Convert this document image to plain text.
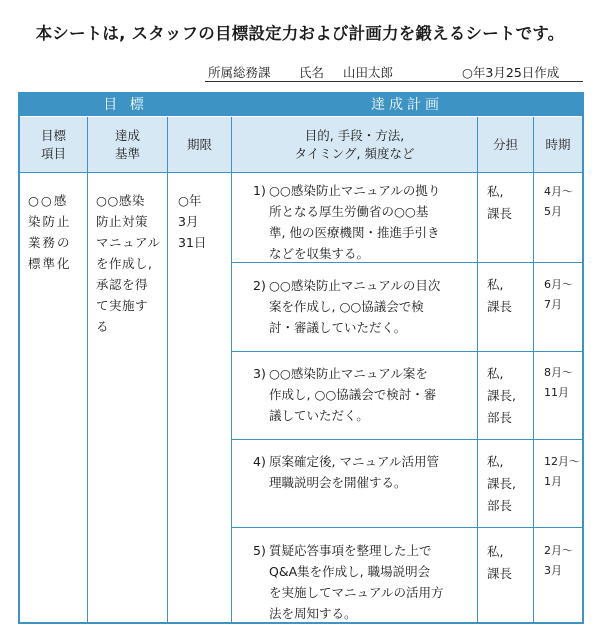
本シートは, スタッフの目標設定力および計画力を鍛えるシートです。
所属総務課 氏名 山田太郎	○年3月25日作成
目 標	達成計画
目標
項目
達成
基準
期限
目的, 手段・方法,
タイミング, 頻度など
分担 時期
○○感
染防止
業務の
標準化
○○感染
防止対策
マニュアル
を作成し,
承認を得
て実施す
る
○年
3月
31日
1) ○○感染防止マニュアルの拠り
所となる厚生労働省の○○基
準, 他の医療機関・推進手引き
などを収集する。
私,
課長
4月～
5月
2) ○○感染防止マニュアルの目次
案を作成し, ○○協議会で検
討・審議していただく。
私,
課長
6月～
7月
3) ○○感染防止マニュアル案を
作成し, ○○協議会で検討・審
議していただく。
私,
課長,
部長
8月～
11月
4) 原案確定後, マニュアル活用管
理職説明会を開催する。
私,
課長,
部長
12月～
1月
5) 質疑応答事項を整理した上で
Q&A集を作成し, 職場説明会
を実施してマニュアルの活用方
法を周知する。
私,
課長
2月～
3月
